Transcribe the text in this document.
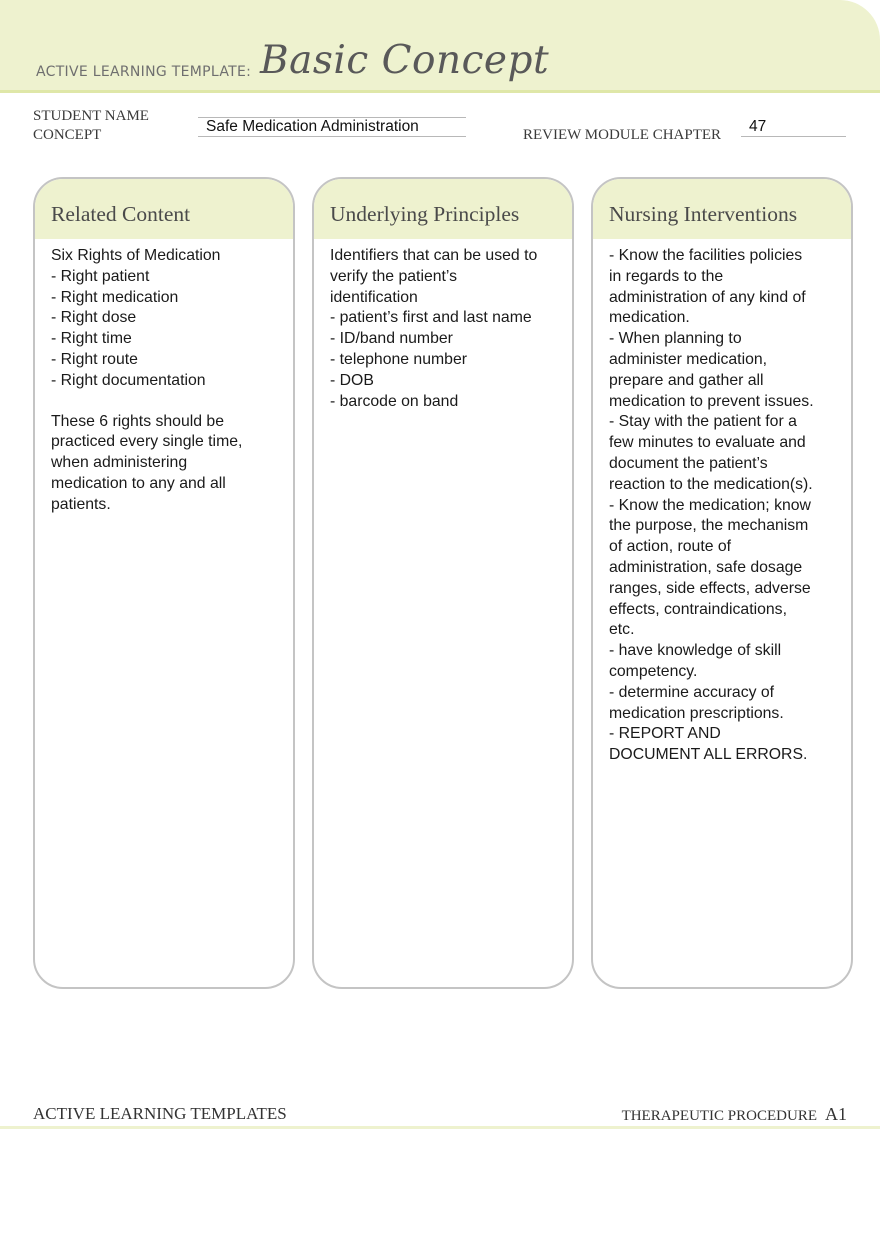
ACTIVE LEARNING TEMPLATE: Basic Concept
STUDENT NAME
CONCEPT	Safe Medication Administration	REVIEW MODULE CHAPTER 47
Related Content
Six Rights of Medication
- Right patient
- Right medication
- Right dose
- Right time
- Right route
- Right documentation
These 6 rights should be
practiced every single time,
when administering
medication to any and all
patients.
Underlying Principles
Identifiers that can be used to
verify the patient’s
identification
- patient’s first and last name
- ID/band number
- telephone number
- DOB
- barcode on band
Nursing Interventions
- Know the facilities policies
in regards to the
administration of any kind of
medication.
- When planning to
administer medication,
prepare and gather all
medication to prevent issues.
- Stay with the patient for a
few minutes to evaluate and
document the patient’s
reaction to the medication(s).
- Know the medication; know
the purpose, the mechanism
of action, route of
administration, safe dosage
ranges, side effects, adverse
effects, contraindications,
etc.
- have knowledge of skill
competency.
- determine accuracy of
medication prescriptions.
- REPORT AND
DOCUMENT ALL ERRORS.
ACTIVE LEARNING TEMPLATES	THERAPEUTIC PROCEDURE A1
